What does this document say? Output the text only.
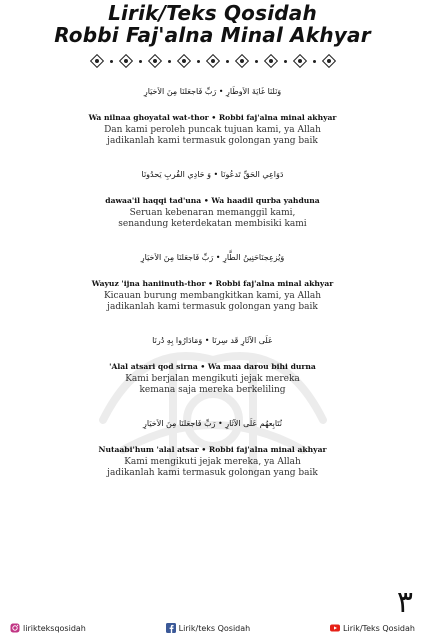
Lirik/Teks Qosidah
Robbi Faj'alna Minal Akhyar
وَنَلنَا غَايَةَ الاَوطَارِ • رَبِّ فَاجعَلنَا مِنَ الاَخيَارِ
Wa nilnaa ghoyatal wat-thor • Robbi faj'alna minal akhyar
Dan kami peroleh puncak tujuan kami, ya Allah
jadikanlah kami termasuk golongan yang baik
دَوَاعِي الحَقِّ تَدعُونَا • وَ حَادِي القُربِ يَحدُونَا
dawaa'il haqqi tad'una • Wa haadil qurba yahduna
Seruan kebenaran memanggil kami,
senandung keterdekatan membisiki kami
وَيُزعِجنَاحَنِينُ الطَّارِ • رَبِّ فَاجعَلنَا مِنَ الاَخيَارِ
Wayuz 'ijna haniinuth-thor • Robbi faj'alna minal akhyar
Kicauan burung membangkitkan kami, ya Allah
jadikanlah kami termasuk golongan yang baik
عَلَى الآثَارِ قَد سِرنَا • وَمَادَارُوا بِهِ دُرنَا
'Alal atsari qod sirna • Wa maa darou bihi durna
Kami berjalan mengikuti jejak mereka
kemana saja mereka berkeliling
نُتَابِعهُم عَلَى الآثَارِ • رَبِّ فَاجعَلنَا مِنَ الاَخيَارِ
Nutaabi'hum 'alal atsar • Robbi faj'alna minal akhyar
Kami mengikuti jejak mereka, ya Allah
jadikanlah kami termasuk golongan yang baik
٣
lirikteksqosidah	Lirik/teks Qosidah	Lirik/Teks Qosidah
